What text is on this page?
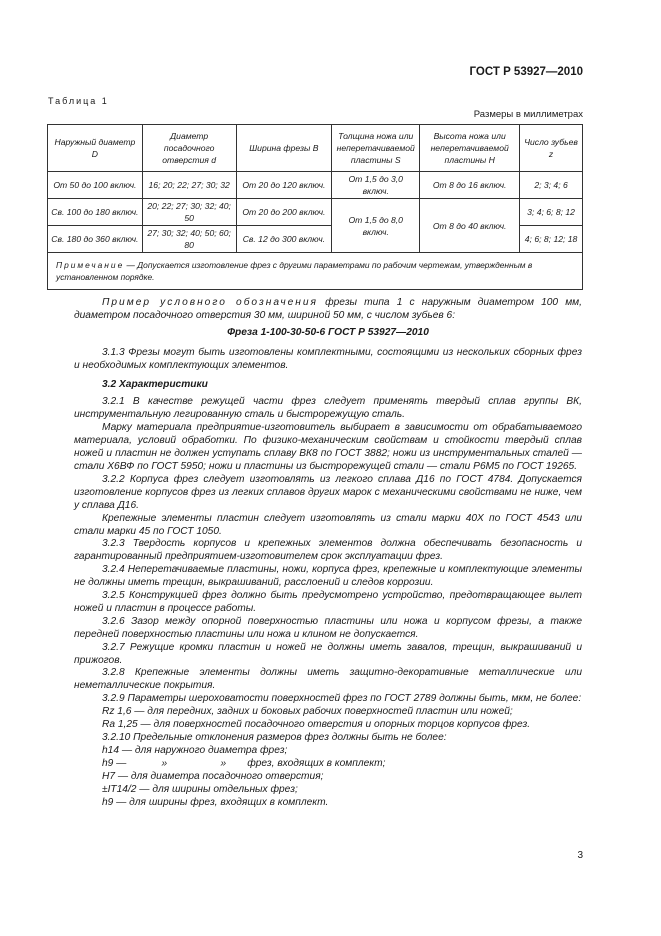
ГОСТ Р 53927—2010
Таблица 1
Размеры в миллиметрах
Наружный диаметр D	Диаметр посадочного отверстия d	Ширина фрезы B	Толщина ножа или неперетачиваемой пластины S	Высота ножа или неперетачиваемой пластины H	Число зубьев z
От 50 до 100 включ.	16; 20; 22; 27; 30; 32	От 20 до 120 включ.	От 1,5 до 3,0 включ.	От 8 до 16 включ.	2; 3; 4; 6
Св. 100 до 180 включ.	20; 22; 27; 30; 32; 40; 50	От 20 до 200 включ.	От 1,5 до 8,0 включ.	От 8 до 40 включ.	3; 4; 6; 8; 12
Св. 180 до 360 включ.	27; 30; 32; 40; 50; 60; 80	Св. 12 до 300 включ.			4; 6; 8; 12; 18
Примечание — Допускается изготовление фрез с другими параметрами по рабочим чертежам, утвержденным в установленном порядке.					

Пример условного обозначения фрезы типа 1 с наружным диаметром 100 мм, диаметром посадочного отверстия 30 мм, шириной 50 мм, с числом зубьев 6:

Фреза 1-100-30-50-6 ГОСТ Р 53927—2010

3.1.3 Фрезы могут быть изготовлены комплектными, состоящими из нескольких сборных фрез и необходимых комплектующих элементов.

3.2 Характеристики

3.2.1 В качестве режущей части фрез следует применять твердый сплав группы ВК, инструментальную легированную сталь и быстрорежущую сталь.

Марку материала предприятие-изготовитель выбирает в зависимости от обрабатываемого материала, условий обработки. По физико-механическим свойствам и стойкости твердый сплав ножей и пластин не должен уступать сплаву ВК8 по ГОСТ 3882; ножи из инструментальных сталей — стали Х6ВФ по ГОСТ 5950; ножи и пластины из быстрорежущей стали — стали Р6М5 по ГОСТ 19265.

3.2.2 Корпуса фрез следует изготовлять из легкого сплава Д16 по ГОСТ 4784. Допускается изготовление корпусов фрез из легких сплавов других марок с механическими свойствами не ниже, чем у сплава Д16.

Крепежные элементы пластин следует изготовлять из стали марки 40Х по ГОСТ 4543 или стали марки 45 по ГОСТ 1050.

3.2.3 Твердость корпусов и крепежных элементов должна обеспечивать безопасность и гарантированный предприятием-изготовителем срок эксплуатации фрез.

3.2.4 Неперетачиваемые пластины, ножи, корпуса фрез, крепежные и комплектующие элементы не должны иметь трещин, выкрашиваний, расслоений и следов коррозии.

3.2.5 Конструкцией фрез должно быть предусмотрено устройство, предотвращающее вылет ножей и пластин в процессе работы.

3.2.6 Зазор между опорной поверхностью пластины или ножа и корпусом фрезы, а также передней поверхностью пластины или ножа и клином не допускается.

3.2.7 Режущие кромки пластин и ножей не должны иметь завалов, трещин, выкрашиваний и прижогов.

3.2.8 Крепежные элементы должны иметь защитно-декоративные металлические или неметаллические покрытия.

3.2.9 Параметры шероховатости поверхностей фрез по ГОСТ 2789 должны быть, мкм, не более:

Rz 1,6 — для передних, задних и боковых рабочих поверхностей пластин или ножей;

Ra 1,25 — для поверхностей посадочного отверстия и опорных торцов корпусов фрез.

3.2.10 Предельные отклонения размеров фрез должны быть не более:

h14 — для наружного диаметра фрез;

h9 —	»	» фрез, входящих в комплект;

H7 — для диаметра посадочного отверстия;

±IT14/2 — для ширины отдельных фрез;

h9 — для ширины фрез, входящих в комплект.

3
